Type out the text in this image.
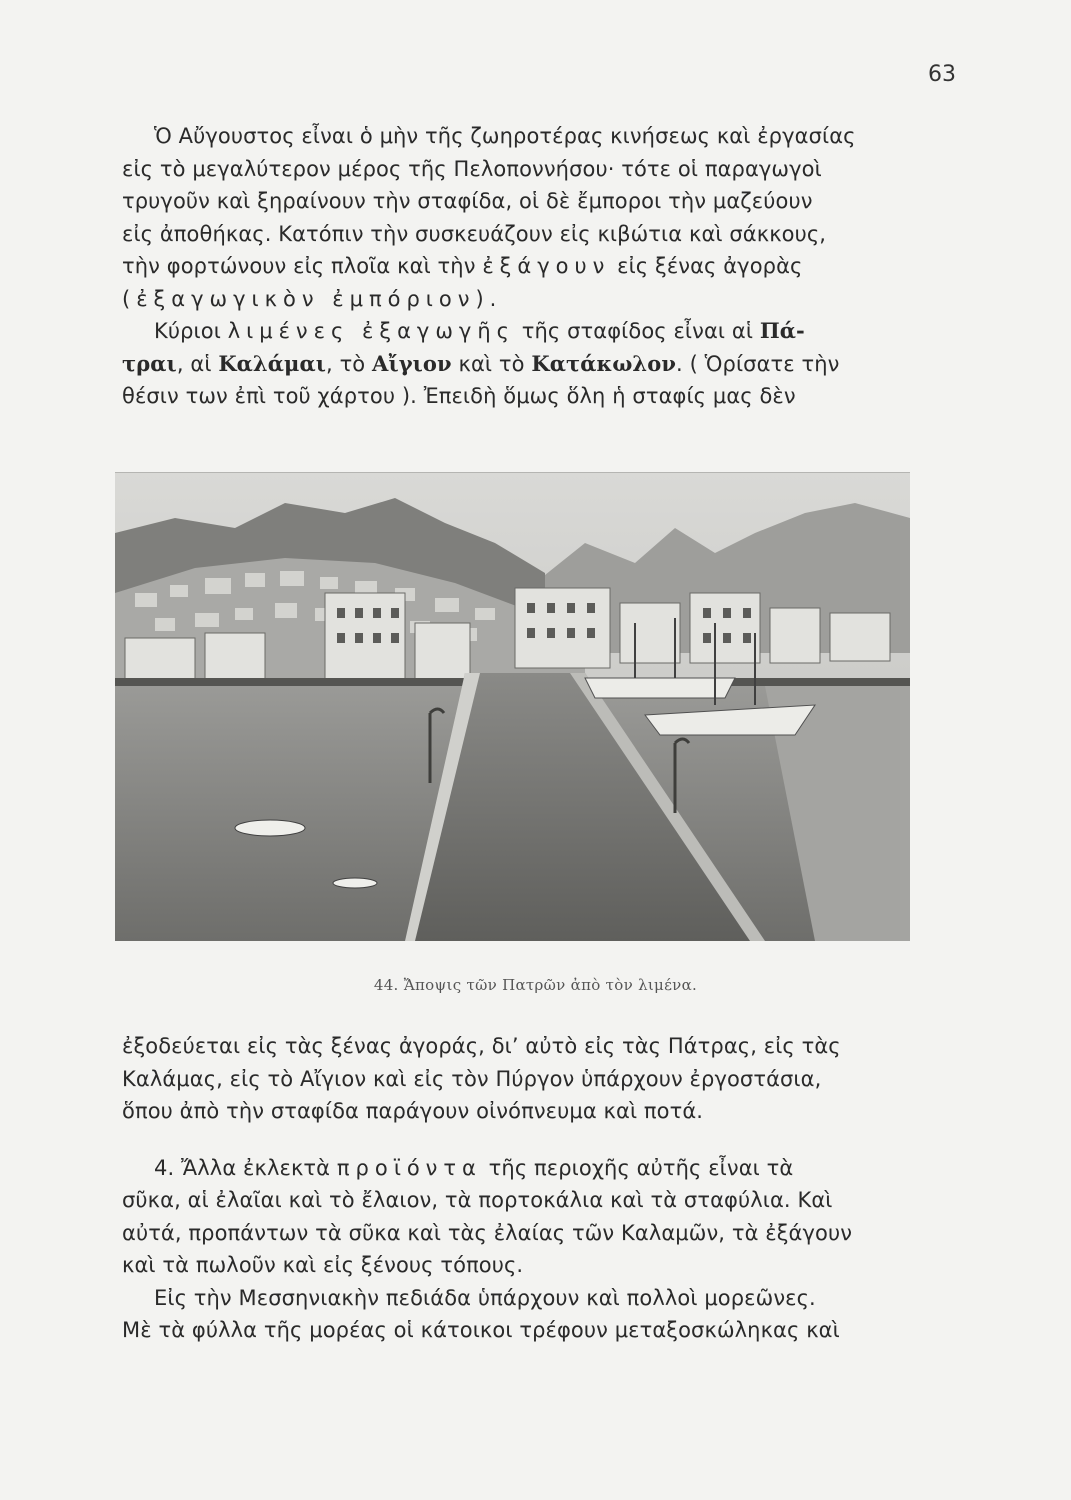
63

Ὁ Αὔγουστος εἶναι ὁ μὴν τῆς ζωηροτέρας κινήσεως καὶ ἐργασίας
εἰς τὸ μεγαλύτερον μέρος τῆς Πελοποννήσου· τότε οἱ παραγωγοὶ
τρυγοῦν καὶ ξηραίνουν τὴν σταφίδα, οἱ δὲ ἔμποροι τὴν μαζεύουν
εἰς ἀποθήκας. Κατόπιν τὴν συσκευάζουν εἰς κιβώτια καὶ σάκκους,
τὴν φορτώνουν εἰς πλοῖα καὶ τὴν ἐξάγουν εἰς ξένας ἀγορὰς
(ἐξαγωγικὸν ἐμπόριον).

Κύριοι λιμένες ἐξαγωγῆς τῆς σταφίδος εἶναι αἱ Πά-
τραι, αἱ Καλάμαι, τὸ Αἴγιον καὶ τὸ Κατάκωλον. ( Ὁρίσατε τὴν
θέσιν των ἐπὶ τοῦ χάρτου ). Ἐπειδὴ ὅμως ὅλη ἡ σταφίς μας δὲν

44. Ἄποψις τῶν Πατρῶν ἀπὸ τὸν λιμένα.

ἐξοδεύεται εἰς τὰς ξένας ἀγοράς, δι’ αὐτὸ εἰς τὰς Πάτρας, εἰς τὰς
Καλάμας, εἰς τὸ Αἴγιον καὶ εἰς τὸν Πύργον ὑπάρχουν ἐργοστάσια,
ὅπου ἀπὸ τὴν σταφίδα παράγουν οἰνόπνευμα καὶ ποτά.

4. Ἄλλα ἐκλεκτὰ προϊόντα τῆς περιοχῆς αὐτῆς εἶναι τὰ
σῦκα, αἱ ἐλαῖαι καὶ τὸ ἔλαιον, τὰ πορτοκάλια καὶ τὰ σταφύλια. Καὶ
αὐτά, προπάντων τὰ σῦκα καὶ τὰς ἐλαίας τῶν Καλαμῶν, τὰ ἐξάγουν
καὶ τὰ πωλοῦν καὶ εἰς ξένους τόπους.

Εἰς τὴν Μεσσηνιακὴν πεδιάδα ὑπάρχουν καὶ πολλοὶ μορεῶνες.
Μὲ τὰ φύλλα τῆς μορέας οἱ κάτοικοι τρέφουν μεταξοσκώληκας καὶ
